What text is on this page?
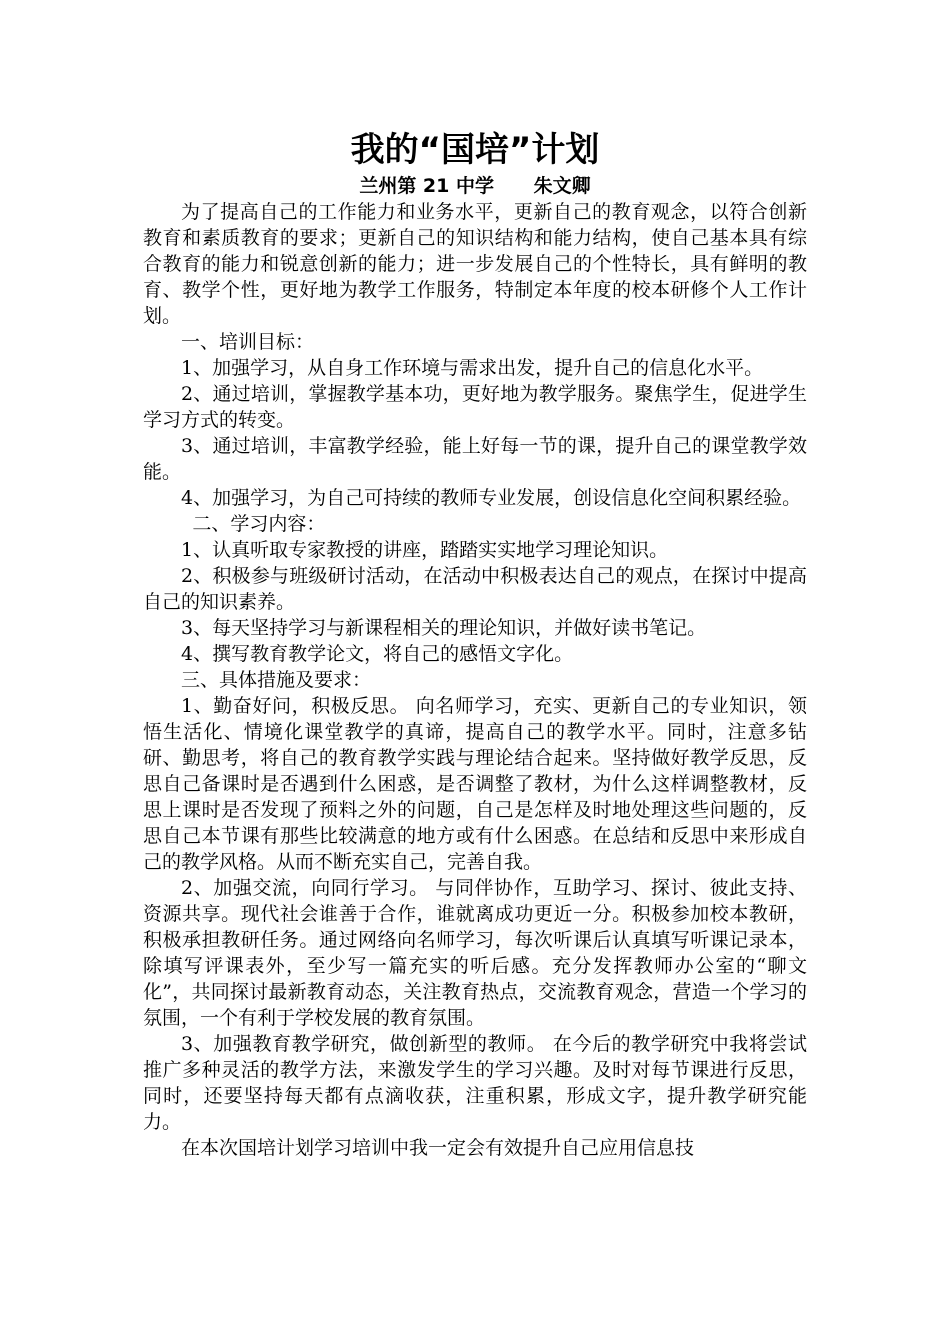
我的“国培”计划
兰州第 21 中学      朱文卿

为了提高自己的工作能力和业务水平，更新自己的教育观念，以符合创新教育和素质教育的要求；更新自己的知识结构和能力结构，使自己基本具有综合教育的能力和锐意创新的能力；进一步发展自己的个性特长，具有鲜明的教育、教学个性，更好地为教学工作服务，特制定本年度的校本研修个人工作计划。

一、培训目标：

1、加强学习，从自身工作环境与需求出发，提升自己的信息化水平。

2、通过培训，掌握教学基本功，更好地为教学服务。聚焦学生，促进学生学习方式的转变。

3、通过培训，丰富教学经验，能上好每一节的课，提升自己的课堂教学效能。

4、加强学习，为自己可持续的教师专业发展，创设信息化空间积累经验。

二、学习内容：

1、认真听取专家教授的讲座，踏踏实实地学习理论知识。

2、积极参与班级研讨活动，在活动中积极表达自己的观点，在探讨中提高自己的知识素养。

3、每天坚持学习与新课程相关的理论知识，并做好读书笔记。

4、撰写教育教学论文，将自己的感悟文字化。

三、具体措施及要求：

1、勤奋好问，积极反思。 向名师学习，充实、更新自己的专业知识，领悟生活化、情境化课堂教学的真谛，提高自己的教学水平。同时，注意多钻研、勤思考，将自己的教育教学实践与理论结合起来。坚持做好教学反思，反思自己备课时是否遇到什么困惑，是否调整了教材，为什么这样调整教材，反思上课时是否发现了预料之外的问题，自己是怎样及时地处理这些问题的，反思自己本节课有那些比较满意的地方或有什么困惑。在总结和反思中来形成自己的教学风格。从而不断充实自己，完善自我。

2、加强交流，向同行学习。 与同伴协作，互助学习、探讨、彼此支持、资源共享。现代社会谁善于合作，谁就离成功更近一分。积极参加校本教研，积极承担教研任务。通过网络向名师学习，每次听课后认真填写听课记录本，除填写评课表外，至少写一篇充实的听后感。充分发挥教师办公室的“聊文化”，共同探讨最新教育动态，关注教育热点，交流教育观念，营造一个学习的氛围，一个有利于学校发展的教育氛围。

3、加强教育教学研究，做创新型的教师。 在今后的教学研究中我将尝试推广多种灵活的教学方法，来激发学生的学习兴趣。及时对每节课进行反思，同时，还要坚持每天都有点滴收获，注重积累，形成文字，提升教学研究能力。

在本次国培计划学习培训中我一定会有效提升自己应用信息技
